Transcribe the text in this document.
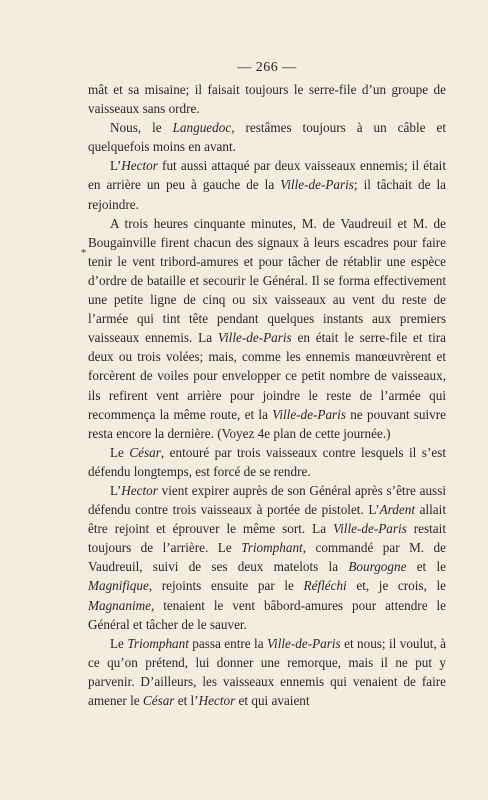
— 266 —
*

mât et sa misaine; il faisait toujours le serre-file d’un groupe de vaisseaux sans ordre.

Nous, le Languedoc, restâmes toujours à un câble et quelquefois moins en avant.

L’Hector fut aussi attaqué par deux vaisseaux ennemis; il était en arrière un peu à gauche de la Ville-de-Paris; il tâchait de la rejoindre.

A trois heures cinquante minutes, M. de Vaudreuil et M. de Bougainville firent chacun des signaux à leurs escadres pour faire tenir le vent tribord-amures et pour tâcher de rétablir une espèce d’ordre de bataille et secourir le Général. Il se forma effectivement une petite ligne de cinq ou six vaisseaux au vent du reste de l’armée qui tint tête pendant quelques instants aux premiers vaisseaux ennemis. La Ville-de-Paris en était le serre-file et tira deux ou trois volées; mais, comme les ennemis manœuvrèrent et forcèrent de voiles pour envelopper ce petit nombre de vaisseaux, ils refirent vent arrière pour joindre le reste de l’armée qui recommença la même route, et la Ville-de-Paris ne pouvant suivre resta encore la dernière. (Voyez 4e plan de cette journée.)

Le César, entouré par trois vaisseaux contre lesquels il s’est défendu longtemps, est forcé de se rendre.

L’Hector vient expirer auprès de son Général après s’être aussi défendu contre trois vaisseaux à portée de pistolet. L’Ardent allait être rejoint et éprouver le même sort. La Ville-de-Paris restait toujours de l’arrière. Le Triomphant, commandé par M. de Vaudreuil, suivi de ses deux matelots la Bourgogne et le Magnifique, rejoints ensuite par le Réfléchi et, je crois, le Magnanime, tenaient le vent bâbord-amures pour attendre le Général et tâcher de le sauver.

Le Triomphant passa entre la Ville-de-Paris et nous; il voulut, à ce qu’on prétend, lui donner une remorque, mais il ne put y parvenir. D’ailleurs, les vaisseaux ennemis qui venaient de faire amener le César et l’Hector et qui avaient
